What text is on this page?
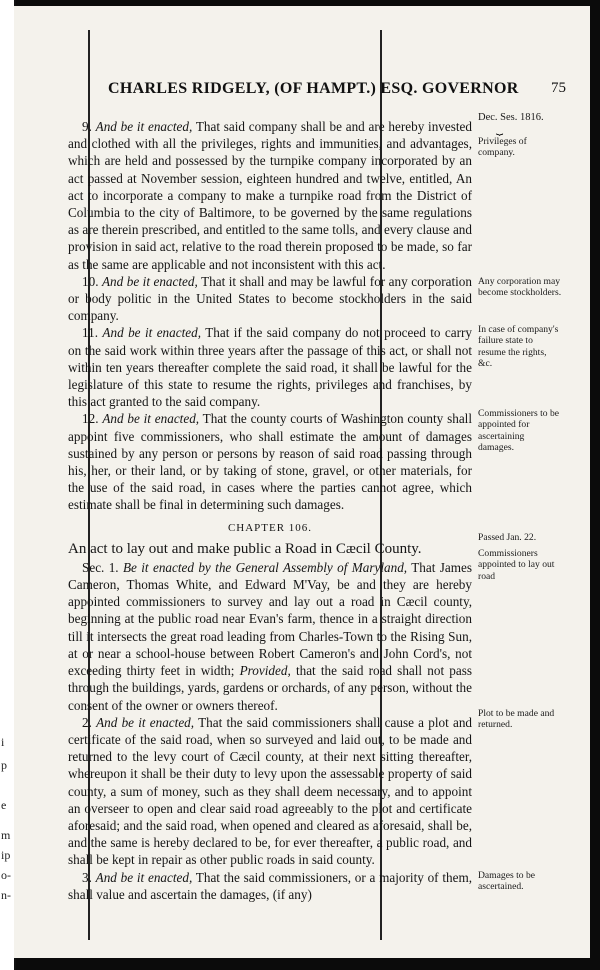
i
p
e
m
ip
o-
n-
CHARLES RIDGELY, (OF HAMPT.) ESQ. GOVERNOR 75

9. And be it enacted, That said company shall be and are hereby invested and clothed with all the privileges, rights and immunities, and advantages, which are held and possessed by the turnpike company incorporated by an act passed at November session, eighteen hundred and twelve, entitled, An act to incorporate a company to make a turnpike road from the District of Columbia to the city of Baltimore, to be governed by the same regulations as are therein prescribed, and entitled to the same tolls, and every clause and provision in said act, relative to the road therein proposed to be made, so far as the same are applicable and not inconsistent with this act.

10. And be it enacted, That it shall and may be lawful for any corporation or body politic in the United States to become stockholders in the said company.

11. And be it enacted, That if the said company do not proceed to carry on the said work within three years after the passage of this act, or shall not within ten years thereafter complete the said road, it shall be lawful for the legislature of this state to resume the rights, privileges and franchises, by this act granted to the said company.

12. And be it enacted, That the county courts of Washington county shall appoint five commissioners, who shall estimate the amount of damages sustained by any person or persons by reason of said road passing through his, her, or their land, or by taking of stone, gravel, or other materials, for the use of the said road, in cases where the parties cannot agree, which estimate shall be final in determining such damages.

CHAPTER 106.

An act to lay out and make public a Road in Cæcil County.

Sec. 1. Be it enacted by the General Assembly of Maryland, That James Cameron, Thomas White, and Edward M'Vay, be and they are hereby appointed commissioners to survey and lay out a road in Cæcil county, beginning at the public road near Evan's farm, thence in a straight direction till it intersects the great road leading from Charles-Town to the Rising Sun, at or near a school-house between Robert Cameron's and John Cord's, not exceeding thirty feet in width; Provided, that the said road shall not pass through the buildings, yards, gardens or orchards, of any person, without the consent of the owner or owners thereof.

2. And be it enacted, That the said commissioners shall cause a plot and certificate of the said road, when so surveyed and laid out, to be made and returned to the levy court of Cæcil county, at their next sitting thereafter, whereupon it shall be their duty to levy upon the assessable property of said county, a sum of money, such as they shall deem necessary, and to appoint an overseer to open and clear said road agreeably to the plot and certificate aforesaid; and the said road, when opened and cleared as aforesaid, shall be, and the same is hereby declared to be, for ever thereafter, a public road, and shall be kept in repair as other public roads in said county.

3. And be it enacted, That the said commissioners, or a majority of them, shall value and ascertain the damages, (if any)

Dec. Ses. 1816.
⏟
Privileges of company.
Any corporation may become stockholders.
In case of company's failure state to resume the rights, &c.
Commissioners to be appointed for ascertaining damages.
Passed Jan. 22.
Commissioners appointed to lay out road
Plot to be made and returned.
Damages to be ascertained.
